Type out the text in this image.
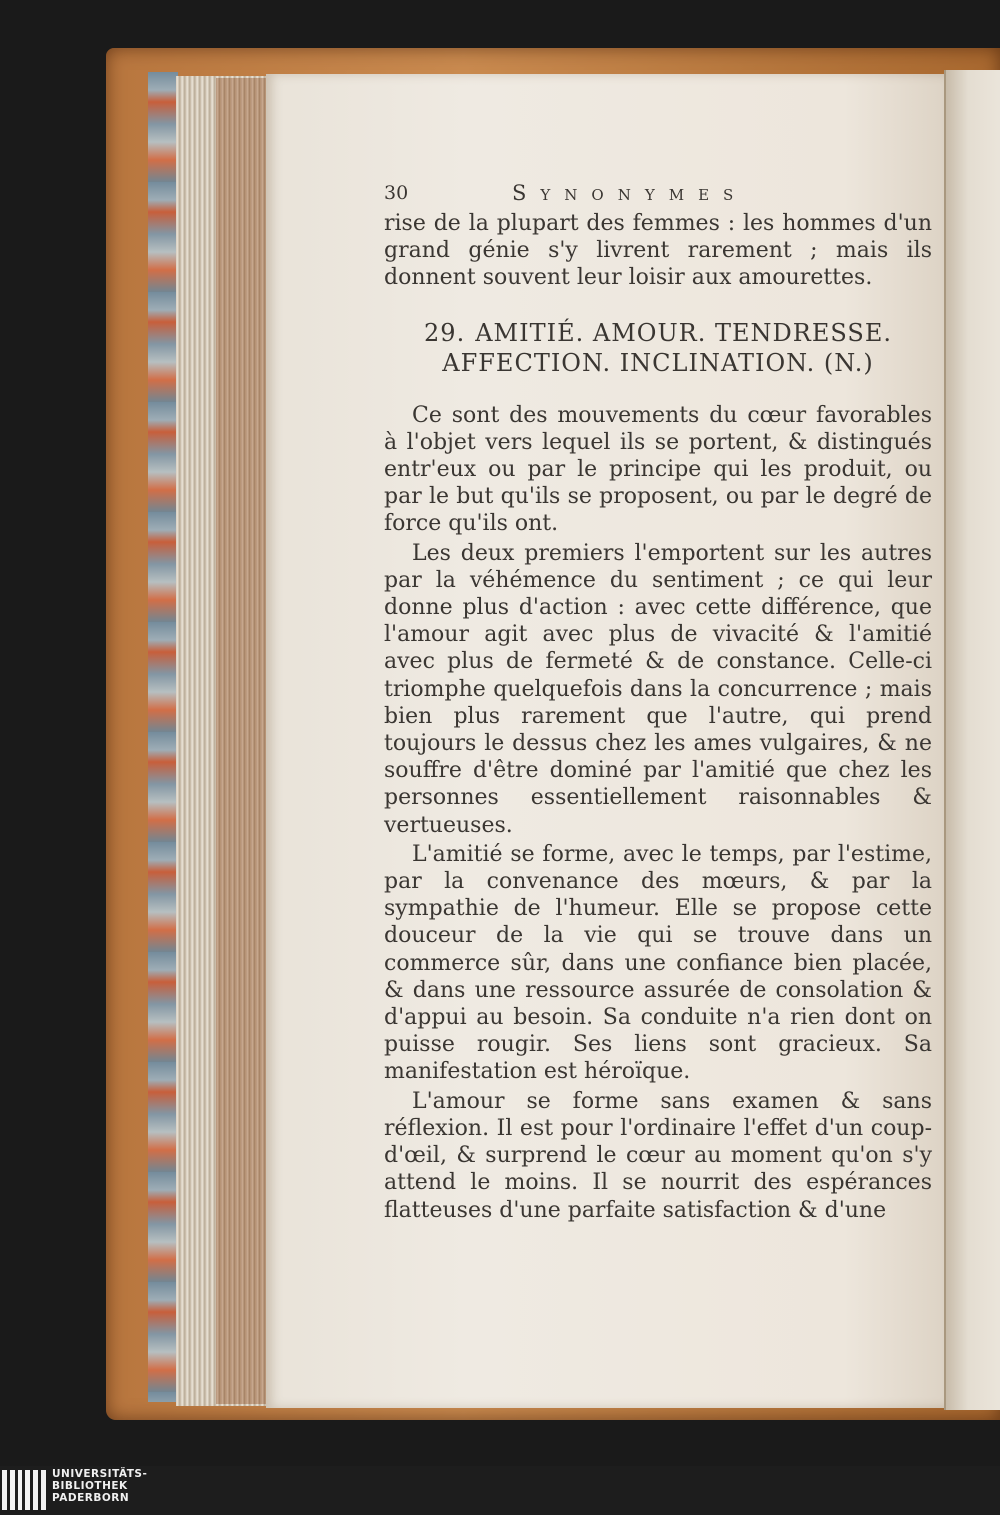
30	Synonymes

rise de la plupart des femmes : les hommes d'un grand génie s'y livrent rarement ; mais ils donnent souvent leur loisir aux amourettes.

29. AMITIÉ. AMOUR. TENDRESSE.
AFFECTION. INCLINATION. (N.)

Ce sont des mouvements du cœur favorables à l'objet vers lequel ils se portent, & distingués entr'eux ou par le principe qui les produit, ou par le but qu'ils se proposent, ou par le degré de force qu'ils ont.

Les deux premiers l'emportent sur les autres par la véhémence du sentiment ; ce qui leur donne plus d'action : avec cette différence, que l'amour agit avec plus de vivacité & l'amitié avec plus de fermeté & de constance. Celle-ci triomphe quelquefois dans la concurrence ; mais bien plus rarement que l'autre, qui prend toujours le dessus chez les ames vulgaires, & ne souffre d'être dominé par l'amitié que chez les personnes essentiellement raisonnables & vertueuses.

L'amitié se forme, avec le temps, par l'estime, par la convenance des mœurs, & par la sympathie de l'humeur. Elle se propose cette douceur de la vie qui se trouve dans un commerce sûr, dans une confiance bien placée, & dans une ressource assurée de consolation & d'appui au besoin. Sa conduite n'a rien dont on puisse rougir. Ses liens sont gracieux. Sa manifestation est héroïque.

L'amour se forme sans examen & sans réflexion. Il est pour l'ordinaire l'effet d'un coup-d'œil, & surprend le cœur au moment qu'on s'y attend le moins. Il se nourrit des espérances flatteuses d'une parfaite satisfaction & d'une

UNIVERSITÄTS-
BIBLIOTHEK
PADERBORN
